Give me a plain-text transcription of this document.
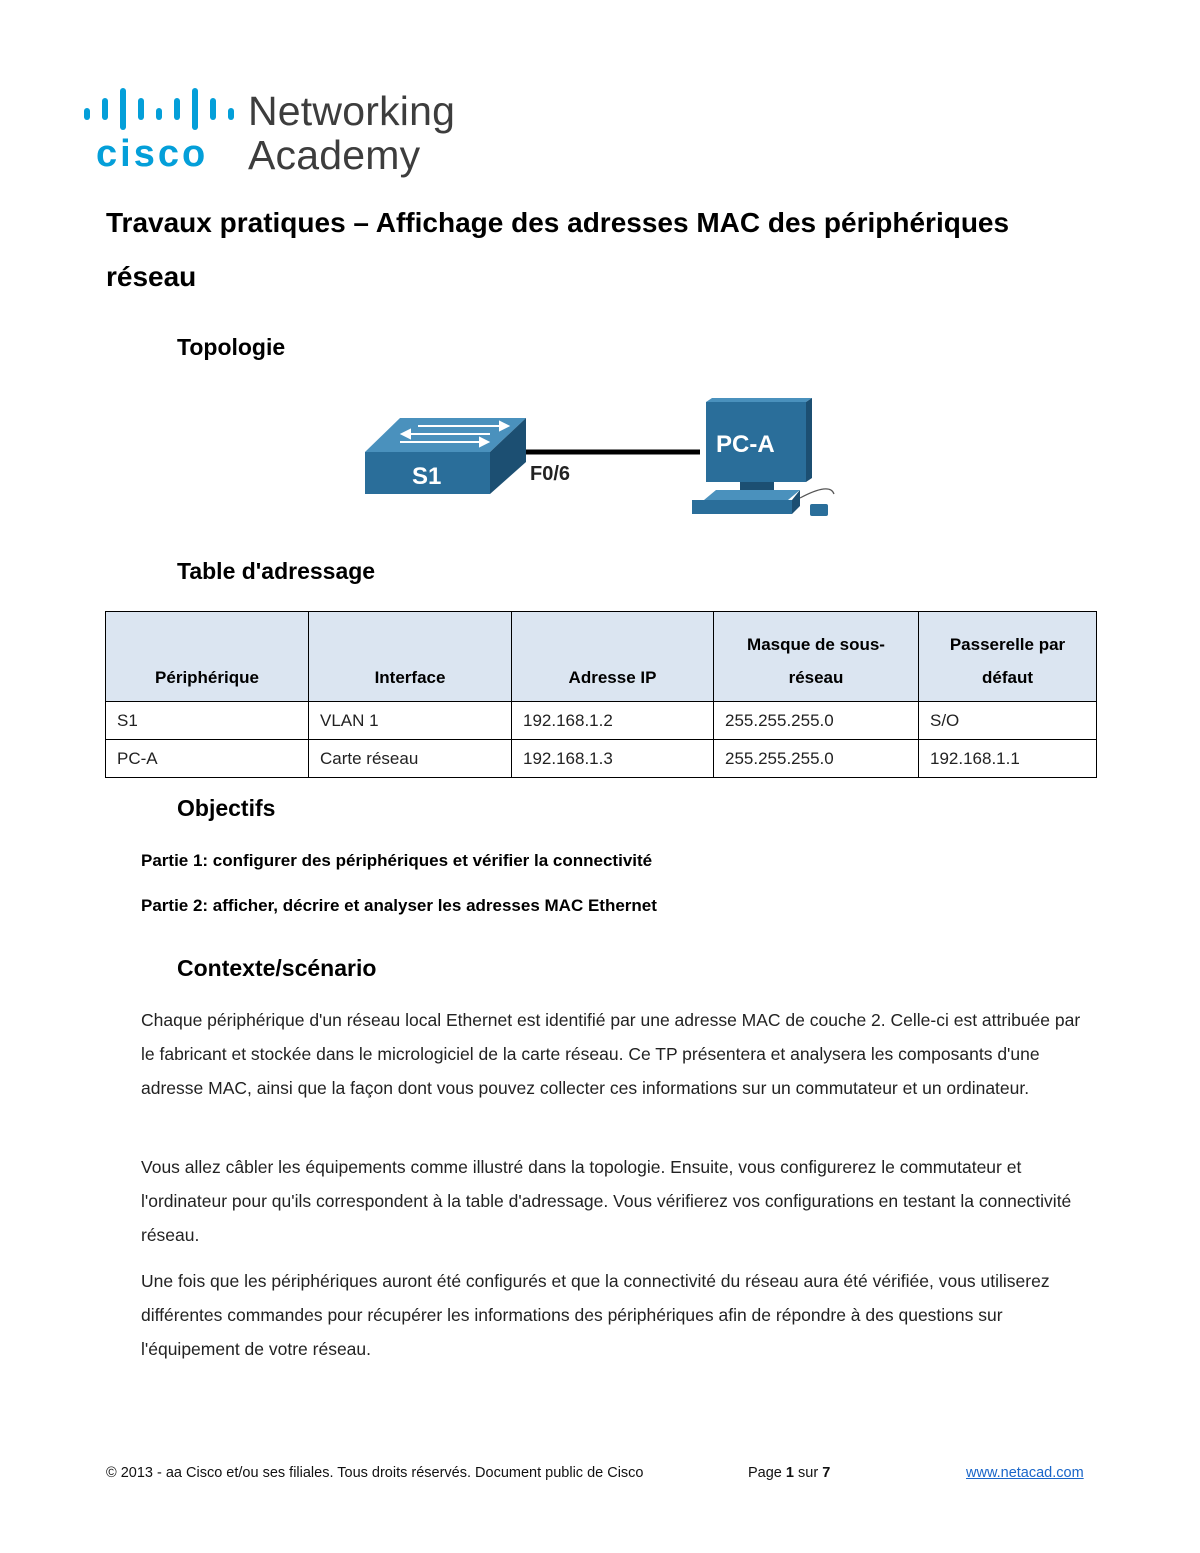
cisco
Networking
Academy
Travaux pratiques – Affichage des adresses MAC des périphériques réseau
Topologie
S1	F0/6
PC-A
Table d'adressage
Périphérique	Interface	Adresse IP	Masque de sous-réseau	Passerelle par défaut
S1	VLAN 1	192.168.1.2	255.255.255.0	S/O
PC-A	Carte réseau	192.168.1.3	255.255.255.0	192.168.1.1
Objectifs
Partie 1: configurer des périphériques et vérifier la connectivité
Partie 2: afficher, décrire et analyser les adresses MAC Ethernet
Contexte/scénario

Chaque périphérique d'un réseau local Ethernet est identifié par une adresse MAC de couche 2. Celle-ci est attribuée par le fabricant et stockée dans le micrologiciel de la carte réseau. Ce TP présentera et analysera les composants d'une adresse MAC, ainsi que la façon dont vous pouvez collecter ces informations sur un commutateur et un ordinateur.

Vous allez câbler les équipements comme illustré dans la topologie. Ensuite, vous configurerez le commutateur et l'ordinateur pour qu'ils correspondent à la table d'adressage. Vous vérifierez vos configurations en testant la connectivité réseau.

Une fois que les périphériques auront été configurés et que la connectivité du réseau aura été vérifiée, vous utiliserez différentes commandes pour récupérer les informations des périphériques afin de répondre à des questions sur l'équipement de votre réseau.

© 2013 - aa Cisco et/ou ses filiales. Tous droits réservés. Document public de Cisco	Page 1 sur 7	www.netacad.com
